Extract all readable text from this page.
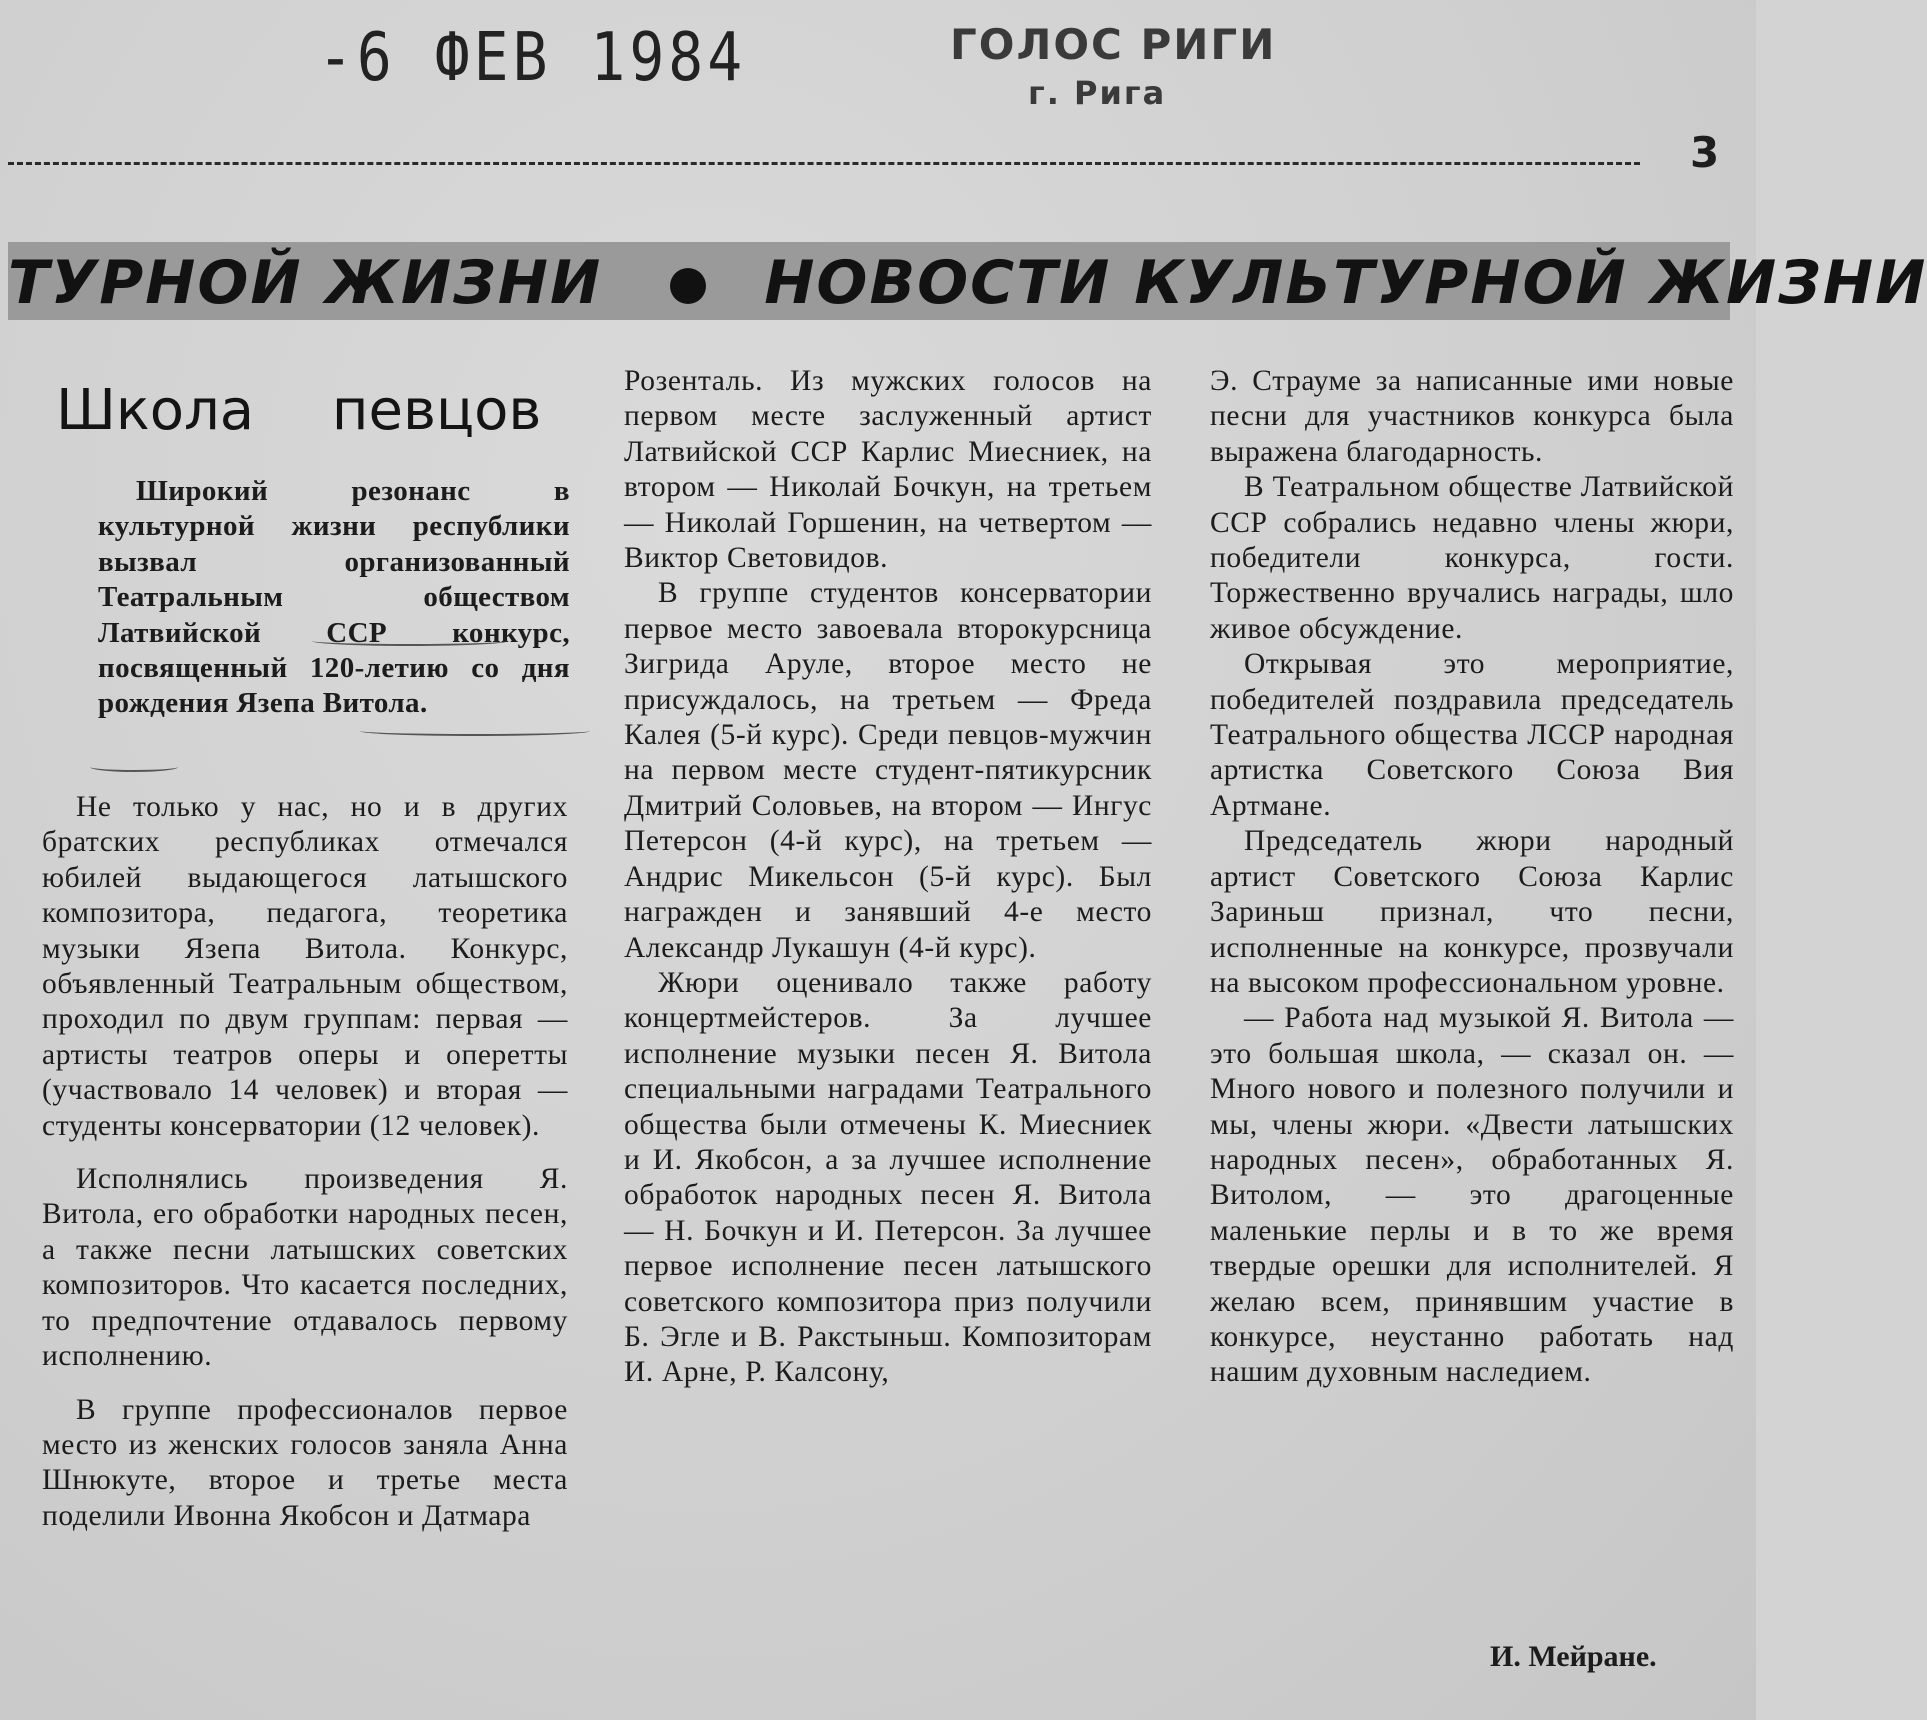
-6 ФЕВ 1984	ГОЛОС РИГИ
г. Рига
3
ТУРНОЙ ЖИЗНИ	НОВОСТИ КУЛЬТУРНОЙ ЖИЗНИ
Школа певцов
Широкий резонанс в культурной жизни республики вызвал организованный Театральным обществом Латвийской ССР конкурс, посвященный 120-летию со дня рождения Язепа Витола.

Не только у нас, но и в других братских республиках отмечался юбилей выдающегося латышского композитора, педагога, теоретика музыки Язепа Витола. Конкурс, объявленный Театральным обществом, проходил по двум группам: первая — артисты театров оперы и оперетты (участвовало 14 человек) и вторая — студенты консерватории (12 человек).

Исполнялись произведения Я. Витола, его обработки народных песен, а также песни латышских советских композиторов. Что касается последних, то предпочтение отдавалось первому исполнению.

В группе профессионалов первое место из женских голосов заняла Анна Шнюкуте, второе и третье места поделили Ивонна Якобсон и Датмара

Розенталь. Из мужских голосов на первом месте заслуженный артист Латвийской ССР Карлис Миесниек, на втором — Николай Бочкун, на третьем — Николай Горшенин, на четвертом — Виктор Световидов.

В группе студентов консерватории первое место завоевала второкурсница Зигрида Аруле, второе место не присуждалось, на третьем — Фреда Калея (5-й курс). Среди певцов-мужчин на первом месте студент-пятикурсник Дмитрий Соловьев, на втором — Ингус Петерсон (4-й курс), на третьем — Андрис Микельсон (5-й курс). Был награжден и занявший 4-е место Александр Лукашун (4-й курс).

Жюри оценивало также работу концертмейстеров. За лучшее исполнение музыки песен Я. Витола специальными наградами Театрального общества были отмечены К. Миесниек и И. Якобсон, а за лучшее исполнение обработок народных песен Я. Витола — Н. Бочкун и И. Петерсон. За лучшее первое исполнение песен латышского советского композитора приз получили Б. Эгле и В. Ракстыньш. Композиторам И. Арне, Р. Калсону,

Э. Страуме за написанные ими новые песни для участников конкурса была выражена благодарность.

В Театральном обществе Латвийской ССР собрались недавно члены жюри, победители конкурса, гости. Торжественно вручались награды, шло живое обсуждение.

Открывая это мероприятие, победителей поздравила председатель Театрального общества ЛССР народная артистка Советского Союза Вия Артмане.

Председатель жюри народный артист Советского Союза Карлис Зариньш признал, что песни, исполненные на конкурсе, прозвучали на высоком профессиональном уровне.

— Работа над музыкой Я. Витола — это большая школа, — сказал он. — Много нового и полезного получили и мы, члены жюри. «Двести латышских народных песен», обработанных Я. Витолом, — это драгоценные маленькие перлы и в то же время твердые орешки для исполнителей. Я желаю всем, принявшим участие в конкурсе, неустанно работать над нашим духовным наследием.

И. Мейране.
